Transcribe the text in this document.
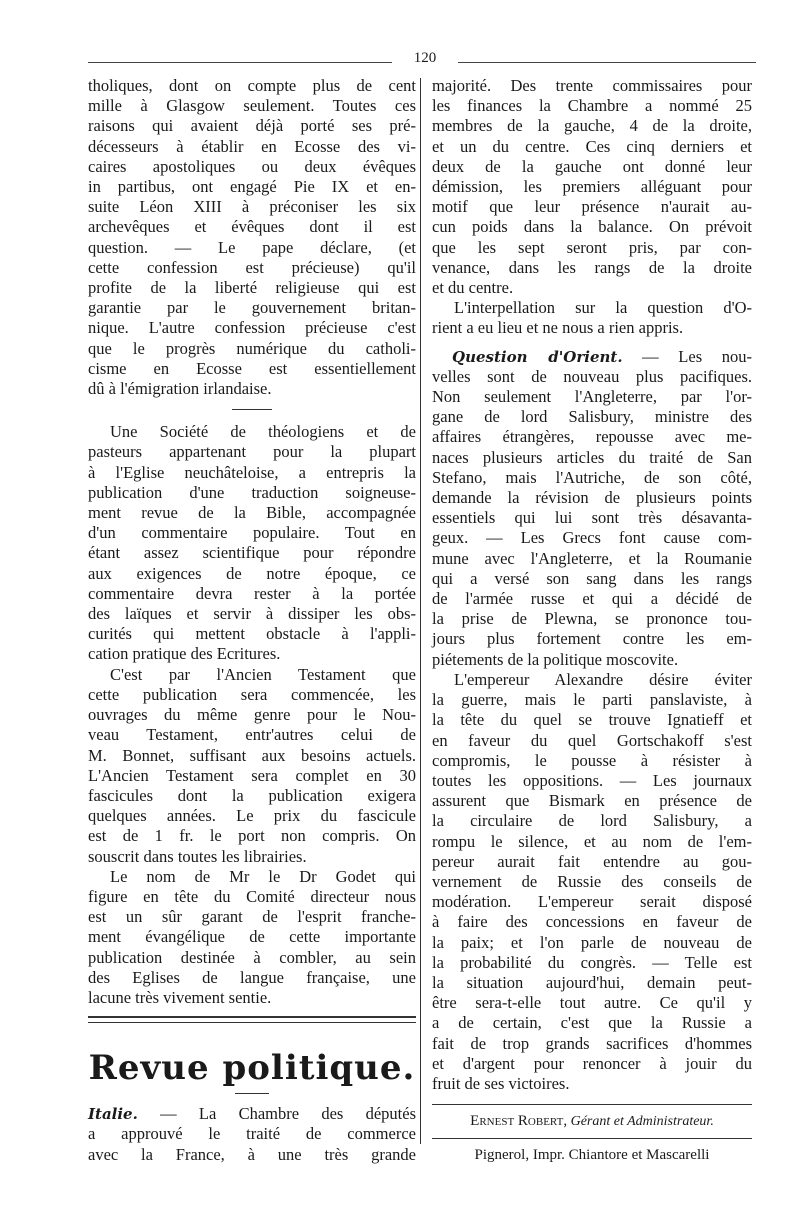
120

tholiques, dont on compte plus de cent
mille à Glasgow seulement. Toutes ces
raisons qui avaient déjà porté ses pré-
décesseurs à établir en Ecosse des vi-
caires apostoliques ou deux évêques
in partibus, ont engagé Pie IX et en-
suite Léon XIII à préconiser les six
archevêques et évêques dont il est
question. — Le pape déclare, (et
cette confession est précieuse) qu'il
profite de la liberté religieuse qui est
garantie par le gouvernement britan-
nique. L'autre confession précieuse c'est
que le progrès numérique du catholi-
cisme en Ecosse est essentiellement
dû à l'émigration irlandaise.

Une Société de théologiens et de
pasteurs appartenant pour la plupart
à l'Eglise neuchâteloise, a entrepris la
publication d'une traduction soigneuse-
ment revue de la Bible, accompagnée
d'un commentaire populaire. Tout en
étant assez scientifique pour répondre
aux exigences de notre époque, ce
commentaire devra rester à la portée
des laïques et servir à dissiper les obs-
curités qui mettent obstacle à l'appli-
cation pratique des Ecritures.

C'est par l'Ancien Testament que
cette publication sera commencée, les
ouvrages du même genre pour le Nou-
veau Testament, entr'autres celui de
M. Bonnet, suffisant aux besoins actuels.
L'Ancien Testament sera complet en 30
fascicules dont la publication exigera
quelques années. Le prix du fascicule
est de 1 fr. le port non compris. On
souscrit dans toutes les librairies.

Le nom de Mr le Dr Godet qui
figure en tête du Comité directeur nous
est un sûr garant de l'esprit franche-
ment évangélique de cette importante
publication destinée à combler, au sein
des Eglises de langue française, une
lacune très vivement sentie.

Revue politique.

Italie. — La Chambre des députés
a approuvé le traité de commerce
avec la France, à une très grande

majorité. Des trente commissaires pour
les finances la Chambre a nommé 25
membres de la gauche, 4 de la droite,
et un du centre. Ces cinq derniers et
deux de la gauche ont donné leur
démission, les premiers alléguant pour
motif que leur présence n'aurait au-
cun poids dans la balance. On prévoit
que les sept seront pris, par con-
venance, dans les rangs de la droite
et du centre.

L'interpellation sur la question d'O-
rient a eu lieu et ne nous a rien appris.

Question d'Orient. — Les nou-
velles sont de nouveau plus pacifiques.
Non seulement l'Angleterre, par l'or-
gane de lord Salisbury, ministre des
affaires étrangères, repousse avec me-
naces plusieurs articles du traité de San
Stefano, mais l'Autriche, de son côté,
demande la révision de plusieurs points
essentiels qui lui sont très désavanta-
geux. — Les Grecs font cause com-
mune avec l'Angleterre, et la Roumanie
qui a versé son sang dans les rangs
de l'armée russe et qui a décidé de
la prise de Plewna, se prononce tou-
jours plus fortement contre les em-
piétements de la politique moscovite.

L'empereur Alexandre désire éviter
la guerre, mais le parti panslaviste, à
la tête du quel se trouve Ignatieff et
en faveur du quel Gortschakoff s'est
compromis, le pousse à résister à
toutes les oppositions. — Les journaux
assurent que Bismark en présence de
la circulaire de lord Salisbury, a
rompu le silence, et au nom de l'em-
pereur aurait fait entendre au gou-
vernement de Russie des conseils de
modération. L'empereur serait disposé
à faire des concessions en faveur de
la paix; et l'on parle de nouveau de
la probabilité du congrès. — Telle est
la situation aujourd'hui, demain peut-
être sera-t-elle tout autre. Ce qu'il y
a de certain, c'est que la Russie a
fait de trop grands sacrifices d'hommes
et d'argent pour renoncer à jouir du
fruit de ses victoires.

Ernest Robert, Gérant et Administrateur.
Pignerol, Impr. Chiantore et Mascarelli
